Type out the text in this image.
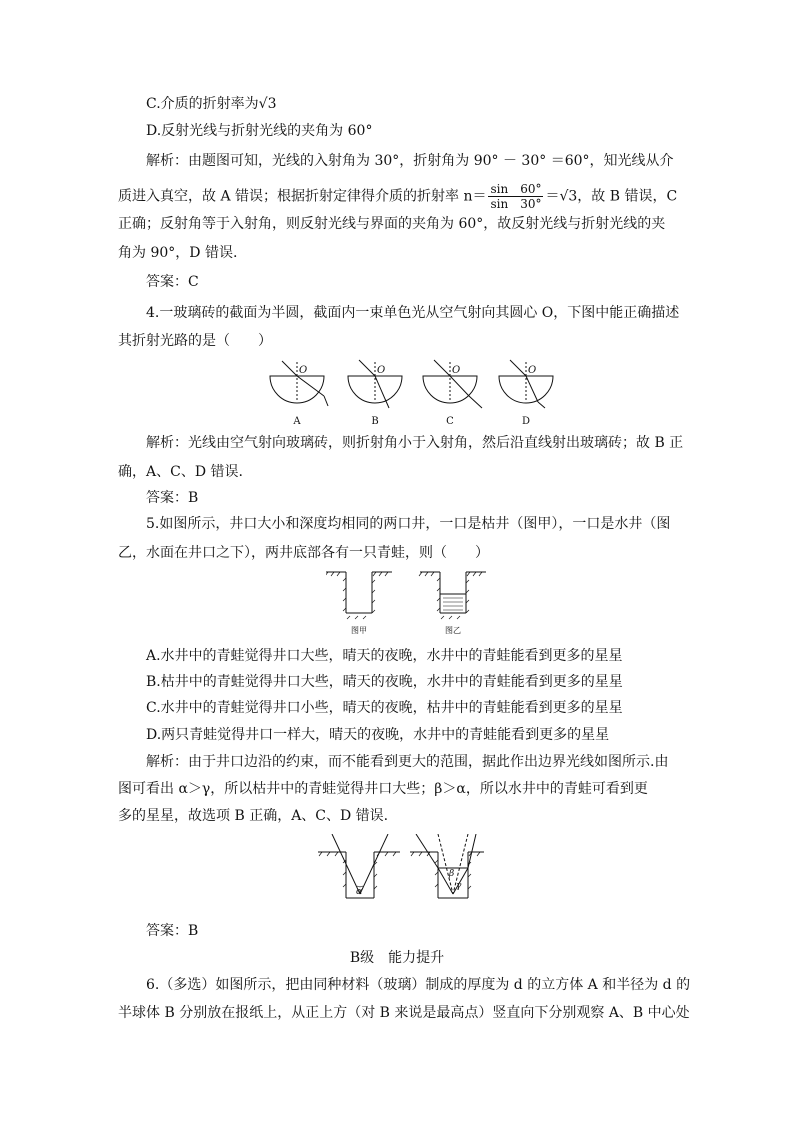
C.介质的折射率为√3
D.反射光线与折射光线的夹角为 60°
解析：由题图可知，光线的入射角为 30°，折射角为 90° － 30° ＝60°，知光线从介
质进入真空，故 A 错误；根据折射定律得介质的折射率 $n= \frac{\sin 60^\circ}{\sin 30^\circ} =√3$，故 B 错误，C
正确；反射角等于入射角，则反射光线与界面的夹角为 60°，故反射光线与折射光线的夹
角为 90°，D 错误.
答案：C
4.一玻璃砖的截面为半圆，截面内一束单色光从空气射向其圆心 O，下图中能正确描述
其折射光路的是（　　）
O	O	O	O
A	B	C	D
解析：光线由空气射向玻璃砖，则折射角小于入射角，然后沿直线射出玻璃砖；故 B 正
确，A、C、D 错误.
答案：B
5.如图所示，井口大小和深度均相同的两口井，一口是枯井（图甲），一口是水井（图
乙，水面在井口之下），两井底部各有一只青蛙，则（　　）
图甲	图乙
A.水井中的青蛙觉得井口大些，晴天的夜晚，水井中的青蛙能看到更多的星星
B.枯井中的青蛙觉得井口大些，晴天的夜晚，水井中的青蛙能看到更多的星星
C.水井中的青蛙觉得井口小些，晴天的夜晚，枯井中的青蛙能看到更多的星星
D.两只青蛙觉得井口一样大，晴天的夜晚，水井中的青蛙能看到更多的星星
解析：由于井口边沿的约束，而不能看到更大的范围，据此作出边界光线如图所示.由
图可看出 α＞γ，所以枯井中的青蛙觉得井口大些；β＞α，所以水井中的青蛙可看到更
多的星星，故选项 B 正确，A、C、D 错误.
α
β
γ
答案：B
B级　能力提升
6.（多选）如图所示，把由同种材料（玻璃）制成的厚度为 d 的立方体 A 和半径为 d 的
半球体 B 分别放在报纸上，从正上方（对 B 来说是最高点）竖直向下分别观察 A、B 中心处
